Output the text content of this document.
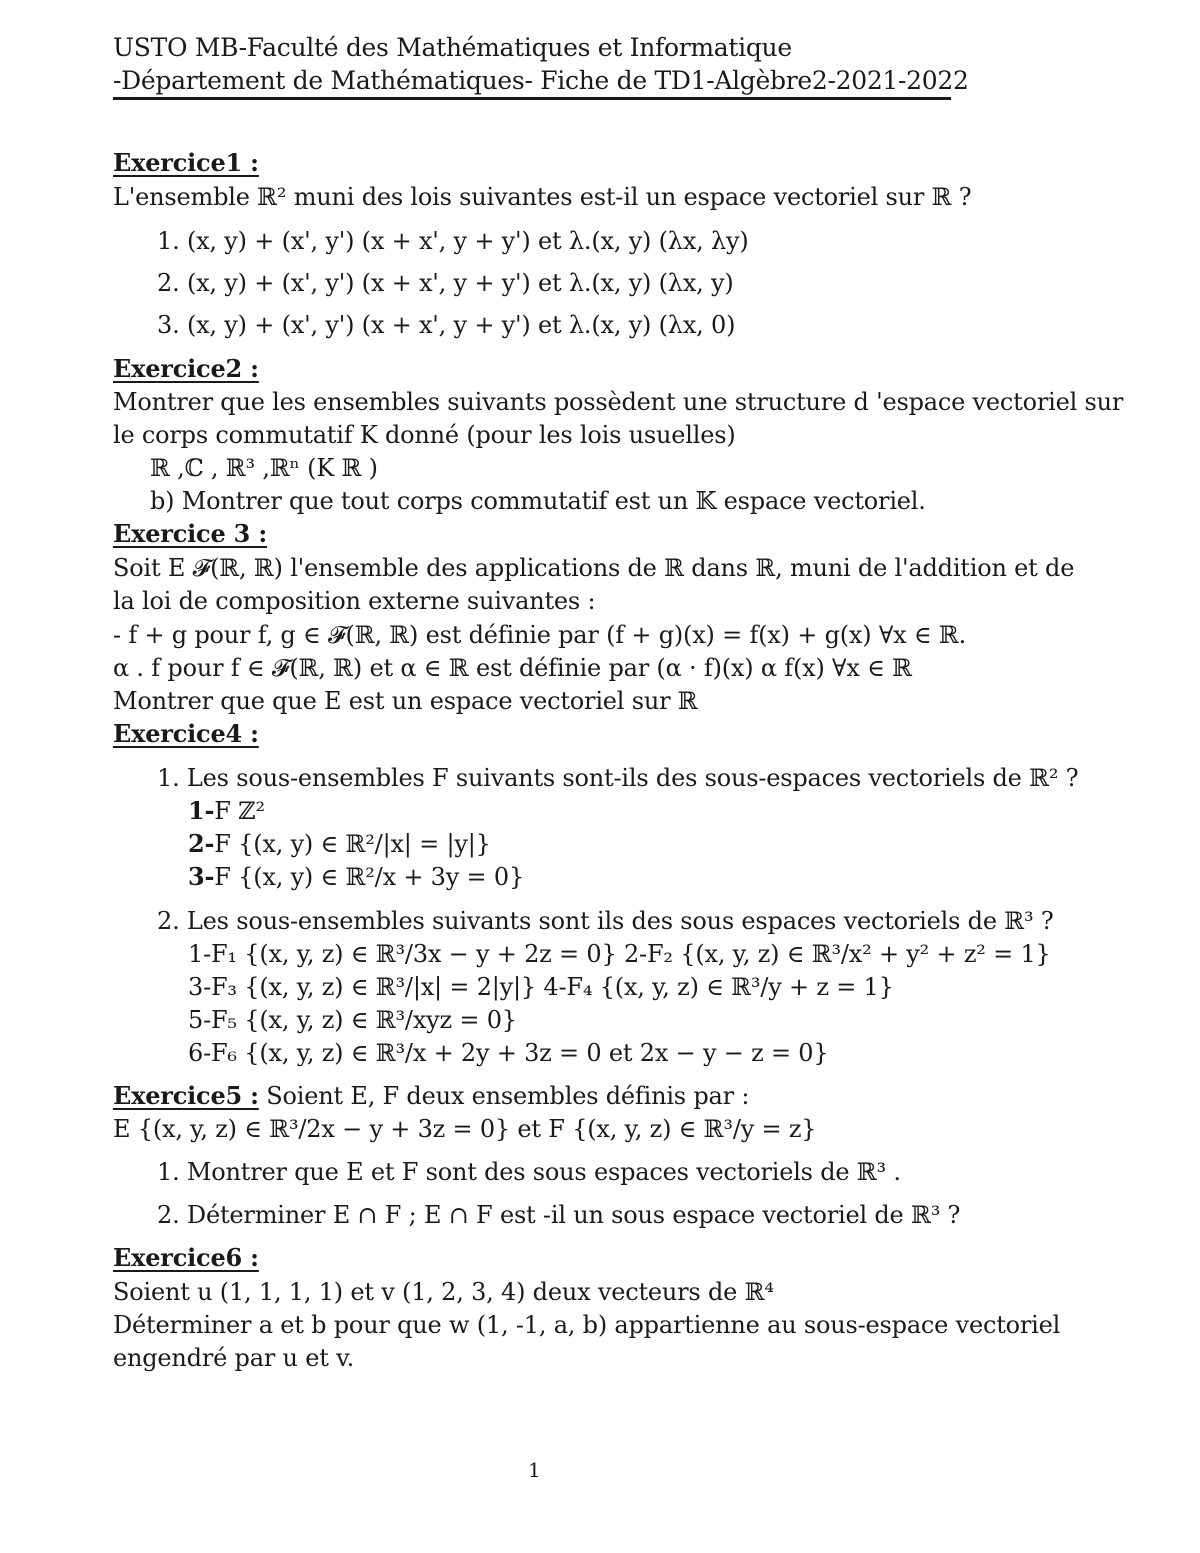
USTO MB-Faculté des Mathématiques et Informatique
-Département de Mathématiques- Fiche de TD1-Algèbre2-2021-2022
Exercice1 :
L'ensemble ℝ² muni des lois suivantes est-il un espace vectoriel sur ℝ ?
1. (x, y) + (x', y') (x + x', y + y') et λ.(x, y) (λx, λy)
2. (x, y) + (x', y') (x + x', y + y') et λ.(x, y) (λx, y)
3. (x, y) + (x', y') (x + x', y + y') et λ.(x, y) (λx, 0)
Exercice2 :
Montrer que les ensembles suivants possèdent une structure d 'espace vectoriel sur
le corps commutatif K donné (pour les lois usuelles)
ℝ ,ℂ , ℝ³ ,ℝⁿ (K ℝ )
b) Montrer que tout corps commutatif est un 𝕂 espace vectoriel.
Exercice 3 :
Soit E 𝓕(ℝ, ℝ) l'ensemble des applications de ℝ dans ℝ, muni de l'addition et de
la loi de composition externe suivantes :
- f + g pour f, g ∈ 𝓕(ℝ, ℝ) est définie par (f + g)(x) = f(x) + g(x) ∀x ∈ ℝ.
α . f pour f ∈ 𝓕(ℝ, ℝ) et α ∈ ℝ est définie par (α · f)(x) α f(x) ∀x ∈ ℝ
Montrer que que E est un espace vectoriel sur ℝ
Exercice4 :
1. Les sous-ensembles F suivants sont-ils des sous-espaces vectoriels de ℝ² ?
1-F ℤ²
2-F {(x, y) ∈ ℝ²/|x| = |y|}
3-F {(x, y) ∈ ℝ²/x + 3y = 0}
2. Les sous-ensembles suivants sont ils des sous espaces vectoriels de ℝ³ ?
1-F₁ {(x, y, z) ∈ ℝ³/3x − y + 2z = 0} 2-F₂ {(x, y, z) ∈ ℝ³/x² + y² + z² = 1}
3-F₃ {(x, y, z) ∈ ℝ³/|x| = 2|y|} 4-F₄ {(x, y, z) ∈ ℝ³/y + z = 1}
5-F₅ {(x, y, z) ∈ ℝ³/xyz = 0}
6-F₆ {(x, y, z) ∈ ℝ³/x + 2y + 3z = 0 et 2x − y − z = 0}
Exercice5 : Soient E, F deux ensembles définis par :
E {(x, y, z) ∈ ℝ³/2x − y + 3z = 0} et F {(x, y, z) ∈ ℝ³/y = z}
1. Montrer que E et F sont des sous espaces vectoriels de ℝ³ .
2. Déterminer E ∩ F ; E ∩ F est -il un sous espace vectoriel de ℝ³ ?
Exercice6 :
Soient u (1, 1, 1, 1) et v (1, 2, 3, 4) deux vecteurs de ℝ⁴
Déterminer a et b pour que w (1, -1, a, b) appartienne au sous-espace vectoriel
engendré par u et v.
1
